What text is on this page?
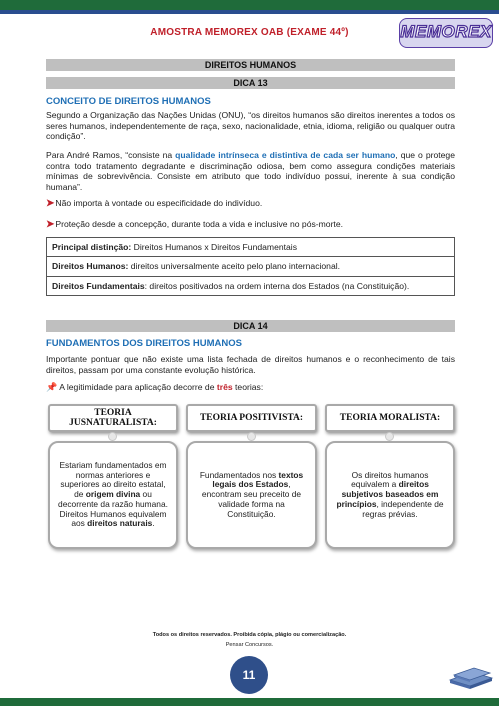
AMOSTRA MEMOREX OAB (EXAME 44º)	MEMOREX
DIREITOS HUMANOS
DICA 13
CONCEITO DE DIREITOS HUMANOS
Segundo a Organização das Nações Unidas (ONU), “os direitos humanos são direitos inerentes a todos os seres humanos, independentemente de raça, sexo, nacionalidade, etnia, idioma, religião ou qualquer outra condição”.
Para André Ramos, “consiste na qualidade intrínseca e distintiva de cada ser humano, que o protege contra todo tratamento degradante e discriminação odiosa, bem como assegura condições materiais mínimas de sobrevivência. Consiste em atributo que todo indivíduo possui, inerente à sua condição humana”.
➤Não importa à vontade ou especificidade do indivíduo.
➤Proteção desde a concepção, durante toda a vida e inclusive no pós-morte.
Principal distinção: Direitos Humanos x Direitos Fundamentais
Direitos Humanos: direitos universalmente aceito pelo plano internacional.
Direitos Fundamentais: direitos positivados na ordem interna dos Estados (na Constituição).
DICA 14
FUNDAMENTOS DOS DIREITOS HUMANOS
Importante pontuar que não existe uma lista fechada de direitos humanos e o reconhecimento de tais direitos, passam por uma constante evolução histórica.
📌 A legitimidade para aplicação decorre de três teorias:
TEORIA JUSNATURALISTA:	TEORIA POSITIVISTA:	TEORIA MORALISTA:
Estariam fundamentados em normas anteriores e superiores ao direito estatal, de origem divina ou decorrente da razão humana.
Direitos Humanos equivalem aos direitos naturais.
Fundamentados nos textos legais dos Estados, encontram seu preceito de validade forma na Constituição.
Os direitos humanos equivalem a direitos subjetivos baseados em princípios, independente de regras prévias.
Todos os direitos reservados. Proibida cópia, plágio ou comercialização.
Pensar Concursos.
11
